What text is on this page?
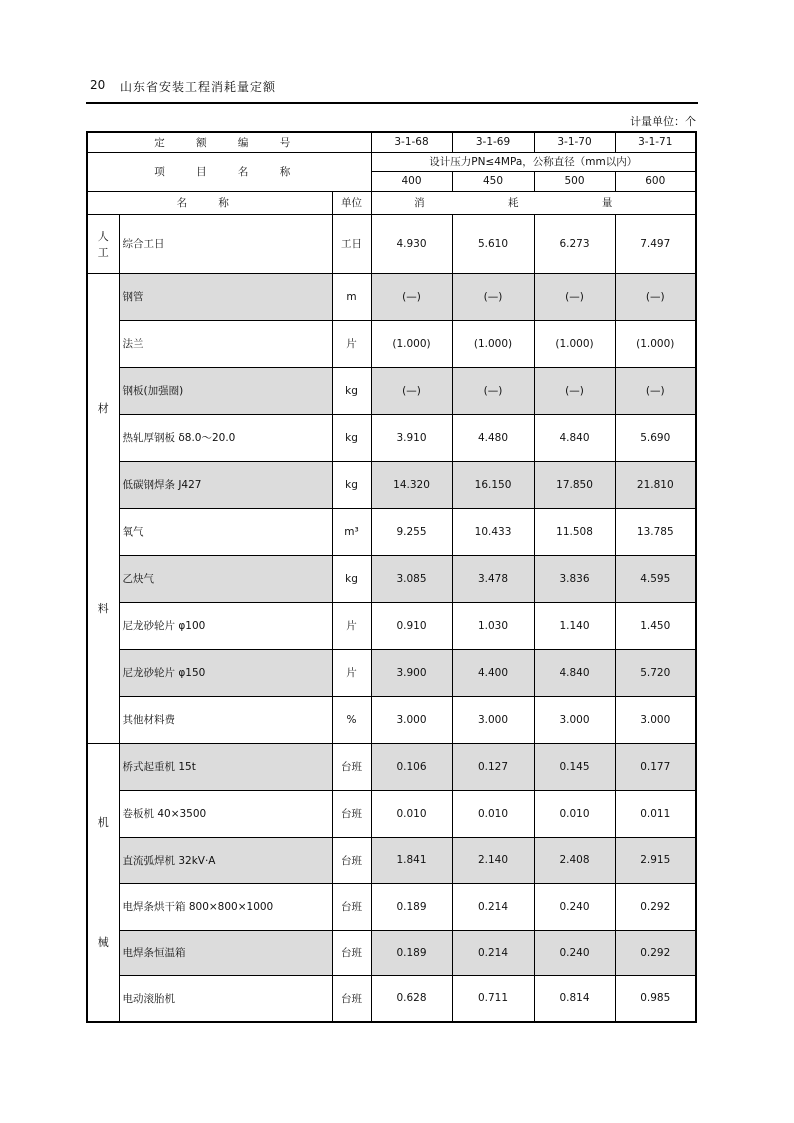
20 山东省安装工程消耗量定额
计量单位：个
定 额 编 号			3-1-68	3-1-69	3-1-70	3-1-71
项 目 名 称			设计压力PN≤4MPa，公称直径（mm以内）			
			400	450	500	600
名 称		单位	消 耗 量			
人
工	综合工日	工日	4.930	5.610	6.273	7.497

材
料	钢管	m	(—)	(—)	(—)	(—)
	法兰	片	(1.000)	(1.000)	(1.000)	(1.000)
	钢板(加强圈)	kg	(—)	(—)	(—)	(—)
	热轧厚钢板 δ8.0～20.0	kg	3.910	4.480	4.840	5.690
	低碳钢焊条 J427	kg	14.320	16.150	17.850	21.810
	氧气	m³	9.255	10.433	11.508	13.785
	乙炔气	kg	3.085	3.478	3.836	4.595
	尼龙砂轮片 φ100	片	0.910	1.030	1.140	1.450
	尼龙砂轮片 φ150	片	3.900	4.400	4.840	5.720
	其他材料费	%	3.000	3.000	3.000	3.000

机
械	桥式起重机 15t	台班	0.106	0.127	0.145	0.177
	卷板机 40×3500	台班	0.010	0.010	0.010	0.011
	直流弧焊机 32kV·A	台班	1.841	2.140	2.408	2.915
	电焊条烘干箱 800×800×1000	台班	0.189	0.214	0.240	0.292
	电焊条恒温箱	台班	0.189	0.214	0.240	0.292
	电动滚胎机	台班	0.628	0.711	0.814	0.985
